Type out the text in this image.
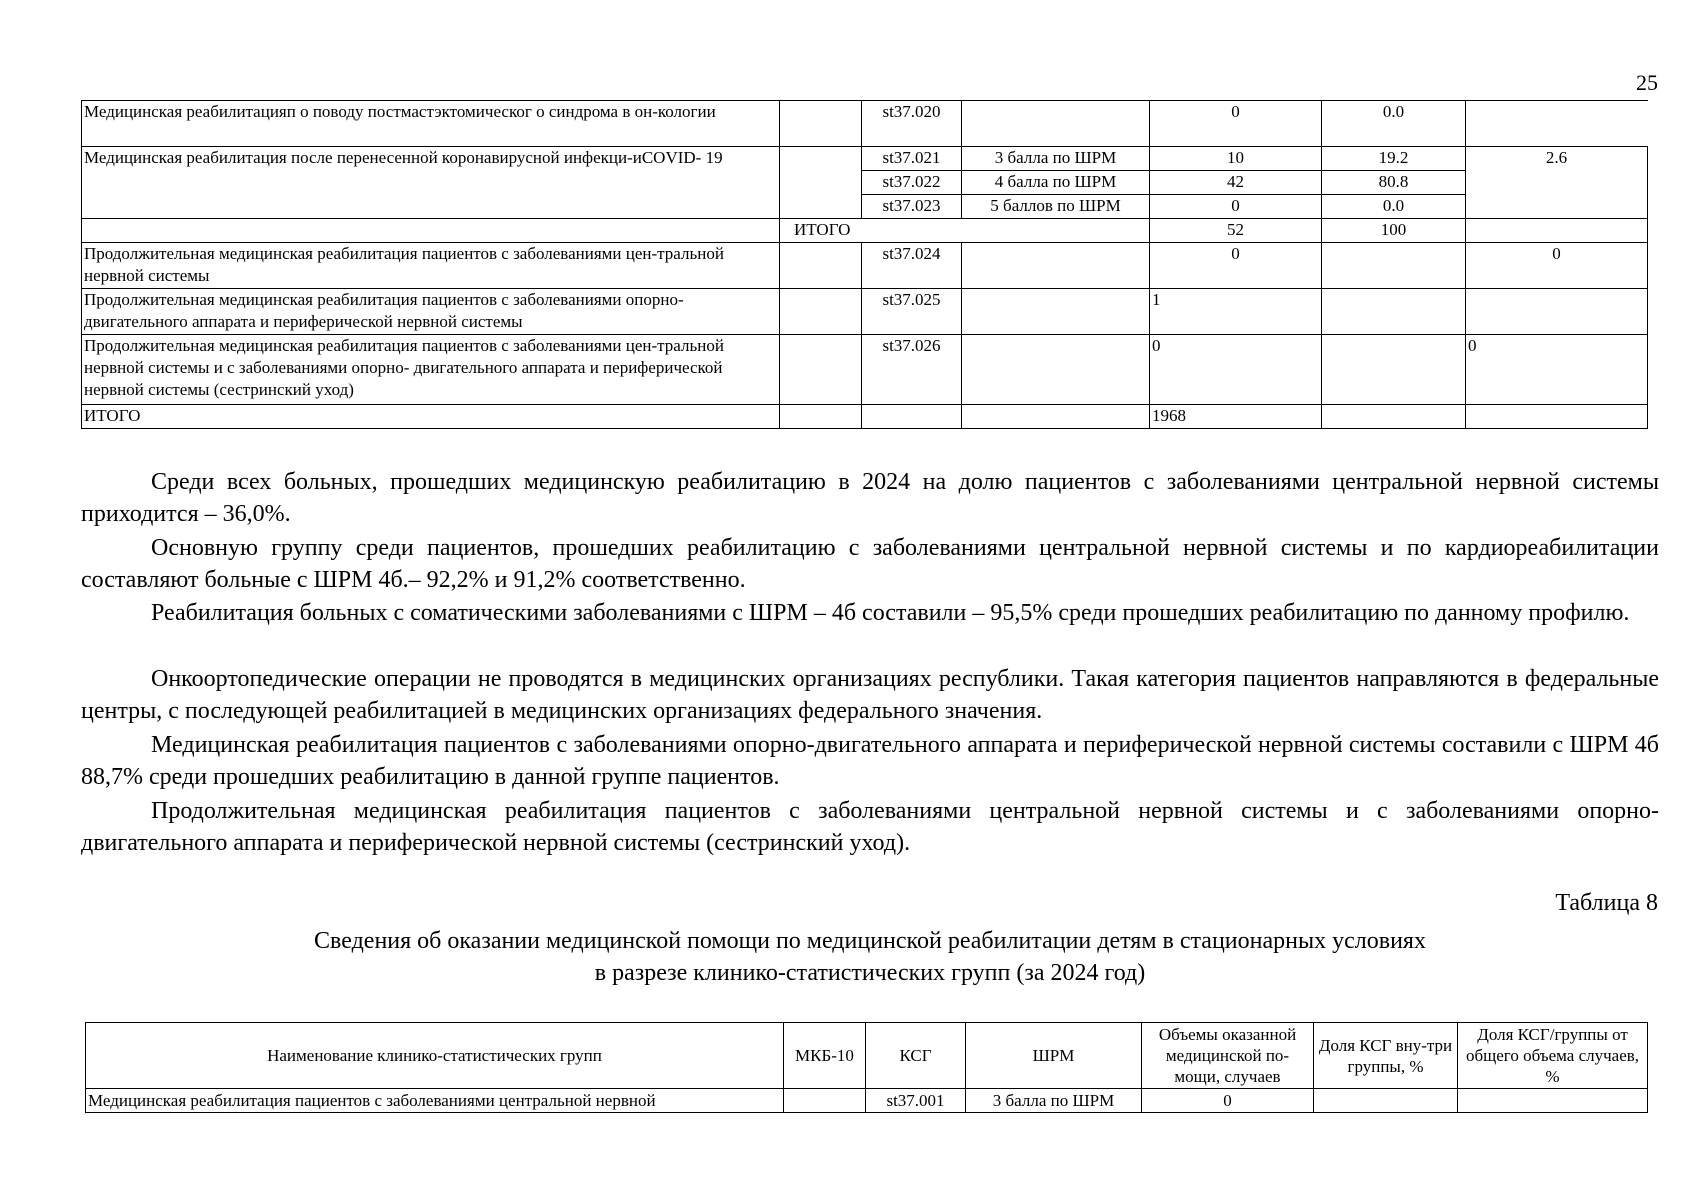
25
Медицинская реабилитацияп о поводу постмастэктомическог о синдрома в он-кологии		st37.020		0	0.0	
Медицинская реабилитация после перенесенной коронавирусной инфекци-иCOVID- 19		st37.021	3 балла по ШРМ	10	19.2	2.6
		st37.022	4 балла по ШРМ	42	80.8	
		st37.023	5 баллов по ШРМ	0	0.0	
	ИТОГО			52	100	
Продолжительная медицинская реабилитация пациентов с заболеваниями цен-тральной нервной системы		st37.024		0		0
Продолжительная медицинская реабилитация пациентов с заболеваниями опорно-двигательного аппарата и периферической нервной системы		st37.025		1		
Продолжительная медицинская реабилитация пациентов с заболеваниями цен-тральной нервной системы и с заболеваниями опорно- двигательного аппарата и периферической нервной системы (сестринский уход)		st37.026		0		0
ИТОГО				1968		
Среди всех больных, прошедших медицинскую реабилитацию в 2024 на долю пациентов с заболеваниями центральной нервной системы приходится – 36,0%.
Основную группу среди пациентов, прошедших реабилитацию с заболеваниями центральной нервной системы и по кардиореабилитации составляют больные с ШРМ 4б.– 92,2% и 91,2% соответственно.
Реабилитация больных с соматическими заболеваниями с ШРМ – 4б составили – 95,5% среди прошедших реабилитацию по данному профилю.
Онкоортопедические операции не проводятся в медицинских организациях республики. Такая категория пациентов направляются в федеральные центры, с последующей реабилитацией в медицинских организациях федерального значения.
Медицинская реабилитация пациентов с заболеваниями опорно-двигательного аппарата и периферической нервной системы составили с ШРМ 4б 88,7% среди прошедших реабилитацию в данной группе пациентов.
Продолжительная медицинская реабилитация пациентов с заболеваниями центральной нервной системы и с заболеваниями опорно- двигательного аппарата и периферической нервной системы (сестринский уход).
Таблица 8
Сведения об оказании медицинской помощи по медицинской реабилитации детям в стационарных условиях
в разрезе клинико-статистических групп (за 2024 год)
Наименование клинико-статистических групп	МКБ-10	КСГ	ШРМ	Объемы оказанной медицинской по-мощи, случаев	Доля КСГ вну-три группы, %	Доля КСГ/группы от общего объема случаев, %
Медицинская реабилитация пациентов с заболеваниями центральной нервной		st37.001	3 балла по ШРМ	0		
